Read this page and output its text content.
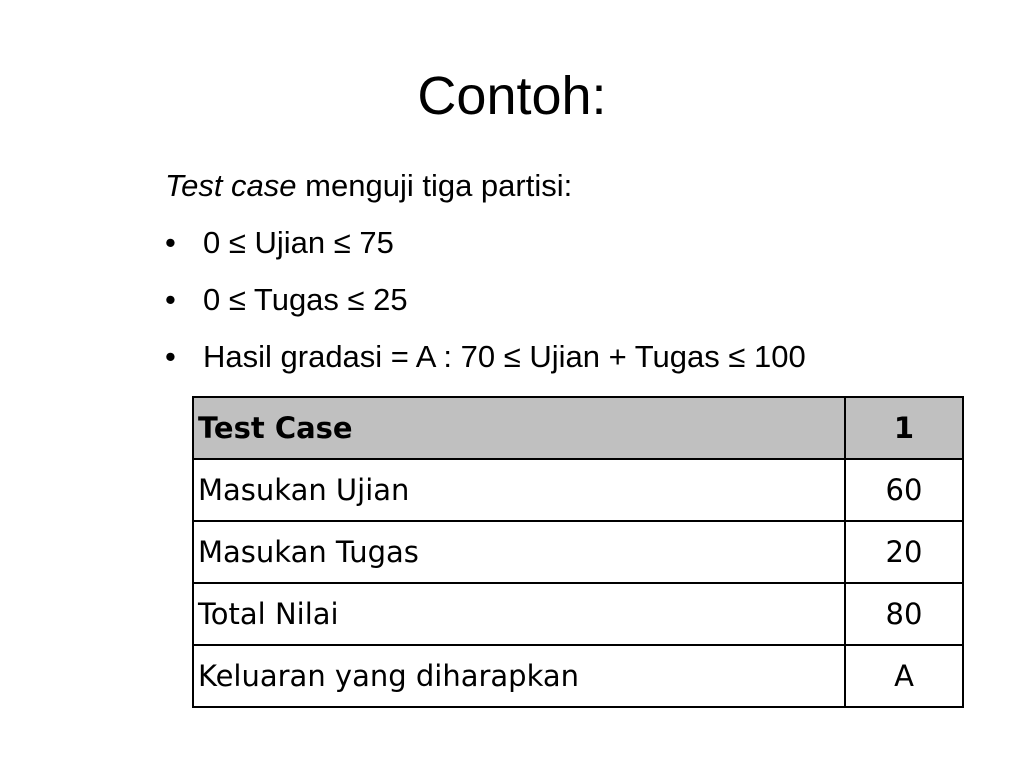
Contoh:
Test case menguji tiga partisi:
• 0 ≤ Ujian ≤ 75
• 0 ≤ Tugas ≤ 25
• Hasil gradasi = A : 70 ≤ Ujian + Tugas ≤ 100
Test Case	1
Masukan Ujian	60
Masukan Tugas	20
Total Nilai	80
Keluaran yang diharapkan	A
